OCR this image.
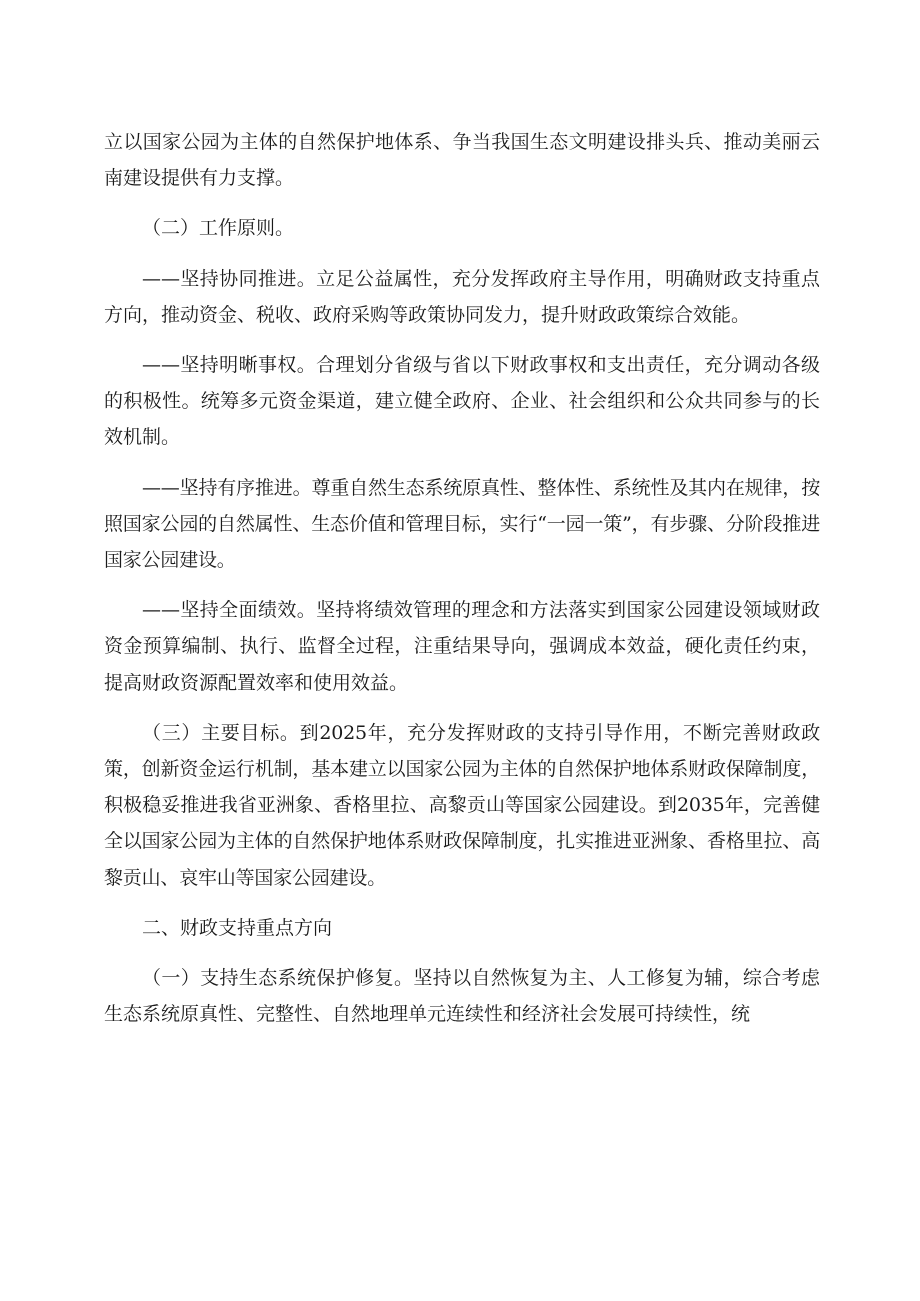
立以国家公园为主体的自然保护地体系、争当我国生态文明建设排头兵、推动美丽云南建设提供有力支撑。

（二）工作原则。

——坚持协同推进。立足公益属性，充分发挥政府主导作用，明确财政支持重点方向，推动资金、税收、政府采购等政策协同发力，提升财政政策综合效能。

——坚持明晰事权。合理划分省级与省以下财政事权和支出责任，充分调动各级的积极性。统筹多元资金渠道，建立健全政府、企业、社会组织和公众共同参与的长效机制。

——坚持有序推进。尊重自然生态系统原真性、整体性、系统性及其内在规律，按照国家公园的自然属性、生态价值和管理目标，实行“一园一策”，有步骤、分阶段推进国家公园建设。

——坚持全面绩效。坚持将绩效管理的理念和方法落实到国家公园建设领域财政资金预算编制、执行、监督全过程，注重结果导向，强调成本效益，硬化责任约束，提高财政资源配置效率和使用效益。

（三）主要目标。到2025年，充分发挥财政的支持引导作用，不断完善财政政策，创新资金运行机制，基本建立以国家公园为主体的自然保护地体系财政保障制度，积极稳妥推进我省亚洲象、香格里拉、高黎贡山等国家公园建设。到2035年，完善健全以国家公园为主体的自然保护地体系财政保障制度，扎实推进亚洲象、香格里拉、高黎贡山、哀牢山等国家公园建设。

二、财政支持重点方向

（一）支持生态系统保护修复。坚持以自然恢复为主、人工修复为辅，综合考虑生态系统原真性、完整性、自然地理单元连续性和经济社会发展可持续性，统
